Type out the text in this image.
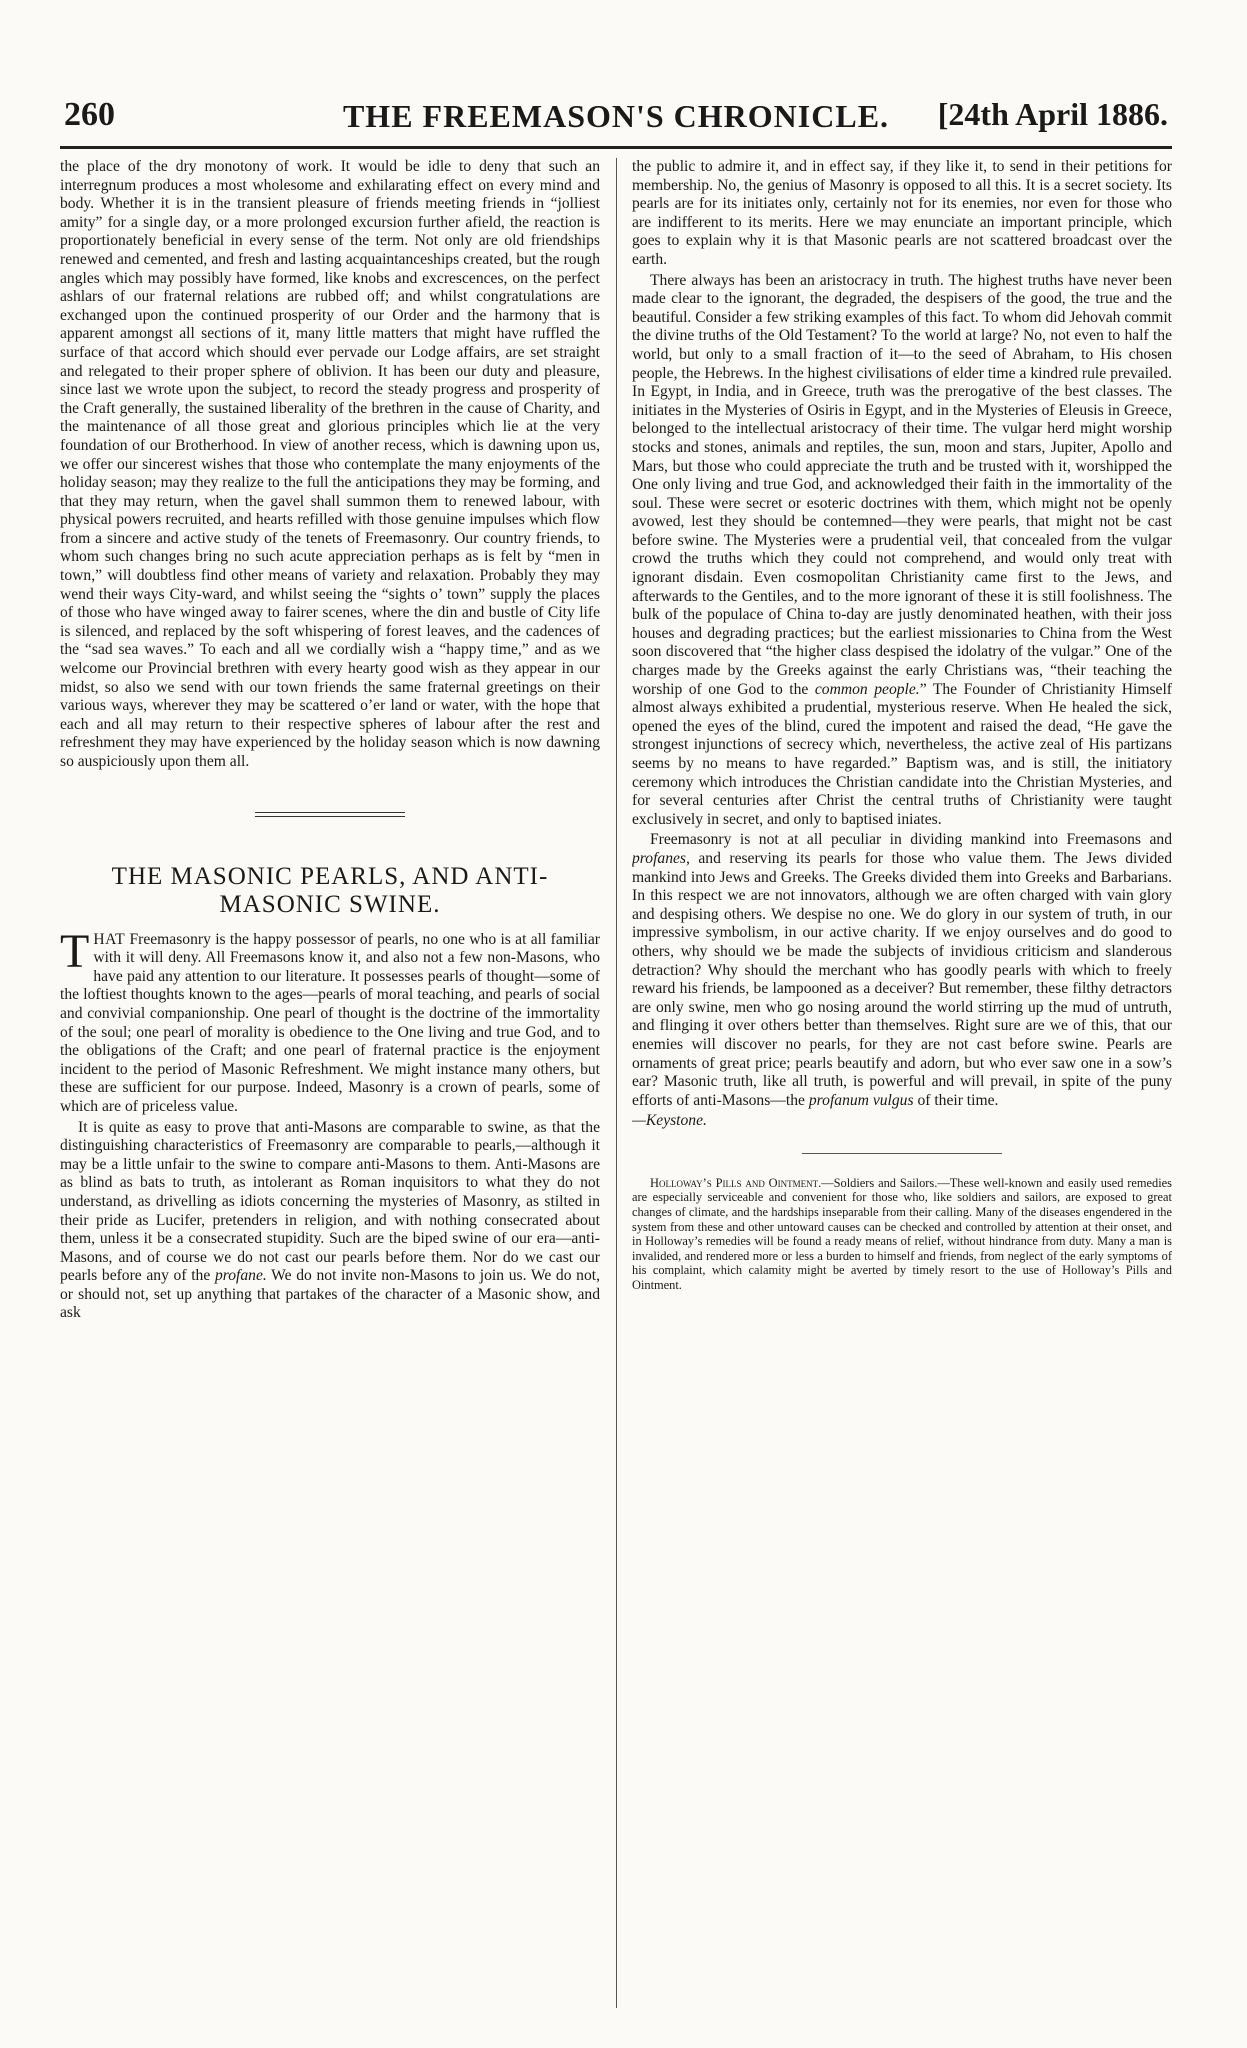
260	THE FREEMASON'S CHRONICLE.	[24th April 1886.

the place of the dry monotony of work. It would be idle to deny that such an interregnum produces a most wholesome and exhilarating effect on every mind and body. Whether it is in the transient pleasure of friends meeting friends in “jolliest amity” for a single day, or a more prolonged excursion further afield, the reaction is proportionately beneficial in every sense of the term. Not only are old friendships renewed and cemented, and fresh and lasting acquaintanceships created, but the rough angles which may possibly have formed, like knobs and excrescences, on the perfect ashlars of our fraternal relations are rubbed off; and whilst congratulations are exchanged upon the continued prosperity of our Order and the harmony that is apparent amongst all sections of it, many little matters that might have ruffled the surface of that accord which should ever pervade our Lodge affairs, are set straight and relegated to their proper sphere of oblivion. It has been our duty and pleasure, since last we wrote upon the subject, to record the steady progress and prosperity of the Craft generally, the sustained liberality of the brethren in the cause of Charity, and the maintenance of all those great and glorious principles which lie at the very foundation of our Brotherhood. In view of another recess, which is dawning upon us, we offer our sincerest wishes that those who contemplate the many enjoyments of the holiday season; may they realize to the full the anticipations they may be forming, and that they may return, when the gavel shall summon them to renewed labour, with physical powers recruited, and hearts refilled with those genuine impulses which flow from a sincere and active study of the tenets of Freemasonry. Our country friends, to whom such changes bring no such acute appreciation perhaps as is felt by “men in town,” will doubtless find other means of variety and relaxation. Probably they may wend their ways City-ward, and whilst seeing the “sights o’ town” supply the places of those who have winged away to fairer scenes, where the din and bustle of City life is silenced, and replaced by the soft whispering of forest leaves, and the cadences of the “sad sea waves.” To each and all we cordially wish a “happy time,” and as we welcome our Provincial brethren with every hearty good wish as they appear in our midst, so also we send with our town friends the same fraternal greetings on their various ways, wherever they may be scattered o’er land or water, with the hope that each and all may return to their respective spheres of labour after the rest and refreshment they may have experienced by the holiday season which is now dawning so auspiciously upon them all.

THE MASONIC PEARLS, AND ANTI-
MASONIC SWINE.

THAT Freemasonry is the happy possessor of pearls, no one who is at all familiar with it will deny. All Freemasons know it, and also not a few non-Masons, who have paid any attention to our literature. It possesses pearls of thought—some of the loftiest thoughts known to the ages—pearls of moral teaching, and pearls of social and convivial companionship. One pearl of thought is the doctrine of the immortality of the soul; one pearl of morality is obedience to the One living and true God, and to the obligations of the Craft; and one pearl of fraternal practice is the enjoyment incident to the period of Masonic Refreshment. We might instance many others, but these are sufficient for our purpose. Indeed, Masonry is a crown of pearls, some of which are of priceless value.

It is quite as easy to prove that anti-Masons are comparable to swine, as that the distinguishing characteristics of Freemasonry are comparable to pearls,—although it may be a little unfair to the swine to compare anti-Masons to them. Anti-Masons are as blind as bats to truth, as intolerant as Roman inquisitors to what they do not understand, as drivelling as idiots concerning the mysteries of Masonry, as stilted in their pride as Lucifer, pretenders in religion, and with nothing consecrated about them, unless it be a consecrated stupidity. Such are the biped swine of our era—anti-Masons, and of course we do not cast our pearls before them. Nor do we cast our pearls before any of the profane. We do not invite non-Masons to join us. We do not, or should not, set up anything that partakes of the character of a Masonic show, and ask

the public to admire it, and in effect say, if they like it, to send in their petitions for membership. No, the genius of Masonry is opposed to all this. It is a secret society. Its pearls are for its initiates only, certainly not for its enemies, nor even for those who are indifferent to its merits. Here we may enunciate an important principle, which goes to explain why it is that Masonic pearls are not scattered broadcast over the earth.

There always has been an aristocracy in truth. The highest truths have never been made clear to the ignorant, the degraded, the despisers of the good, the true and the beautiful. Consider a few striking examples of this fact. To whom did Jehovah commit the divine truths of the Old Testament? To the world at large? No, not even to half the world, but only to a small fraction of it—to the seed of Abraham, to His chosen people, the Hebrews. In the highest civilisations of elder time a kindred rule prevailed. In Egypt, in India, and in Greece, truth was the prerogative of the best classes. The initiates in the Mysteries of Osiris in Egypt, and in the Mysteries of Eleusis in Greece, belonged to the intellectual aristocracy of their time. The vulgar herd might worship stocks and stones, animals and reptiles, the sun, moon and stars, Jupiter, Apollo and Mars, but those who could appreciate the truth and be trusted with it, worshipped the One only living and true God, and acknowledged their faith in the immortality of the soul. These were secret or esoteric doctrines with them, which might not be openly avowed, lest they should be contemned—they were pearls, that might not be cast before swine. The Mysteries were a prudential veil, that concealed from the vulgar crowd the truths which they could not comprehend, and would only treat with ignorant disdain. Even cosmopolitan Christianity came first to the Jews, and afterwards to the Gentiles, and to the more ignorant of these it is still foolishness. The bulk of the populace of China to-day are justly denominated heathen, with their joss houses and degrading practices; but the earliest missionaries to China from the West soon discovered that “the higher class despised the idolatry of the vulgar.” One of the charges made by the Greeks against the early Christians was, “their teaching the worship of one God to the common people.” The Founder of Christianity Himself almost always exhibited a prudential, mysterious reserve. When He healed the sick, opened the eyes of the blind, cured the impotent and raised the dead, “He gave the strongest injunctions of secrecy which, nevertheless, the active zeal of His partizans seems by no means to have regarded.” Baptism was, and is still, the initiatory ceremony which introduces the Christian candidate into the Christian Mysteries, and for several centuries after Christ the central truths of Christianity were taught exclusively in secret, and only to baptised iniates.

Freemasonry is not at all peculiar in dividing mankind into Freemasons and profanes, and reserving its pearls for those who value them. The Jews divided mankind into Jews and Greeks. The Greeks divided them into Greeks and Barbarians. In this respect we are not innovators, although we are often charged with vain glory and despising others. We despise no one. We do glory in our system of truth, in our impressive symbolism, in our active charity. If we enjoy ourselves and do good to others, why should we be made the subjects of invidious criticism and slanderous detraction? Why should the merchant who has goodly pearls with which to freely reward his friends, be lampooned as a deceiver? But remember, these filthy detractors are only swine, men who go nosing around the world stirring up the mud of untruth, and flinging it over others better than themselves. Right sure are we of this, that our enemies will discover no pearls, for they are not cast before swine. Pearls are ornaments of great price; pearls beautify and adorn, but who ever saw one in a sow’s ear? Masonic truth, like all truth, is powerful and will prevail, in spite of the puny efforts of anti-Masons—the profanum vulgus of their time.

—Keystone.

Holloway’s Pills and Ointment.—Soldiers and Sailors.—These well-known and easily used remedies are especially serviceable and convenient for those who, like soldiers and sailors, are exposed to great changes of climate, and the hardships inseparable from their calling. Many of the diseases engendered in the system from these and other untoward causes can be checked and controlled by attention at their onset, and in Holloway’s remedies will be found a ready means of relief, without hindrance from duty. Many a man is invalided, and rendered more or less a burden to himself and friends, from neglect of the early symptoms of his complaint, which calamity might be averted by timely resort to the use of Holloway’s Pills and Ointment.
